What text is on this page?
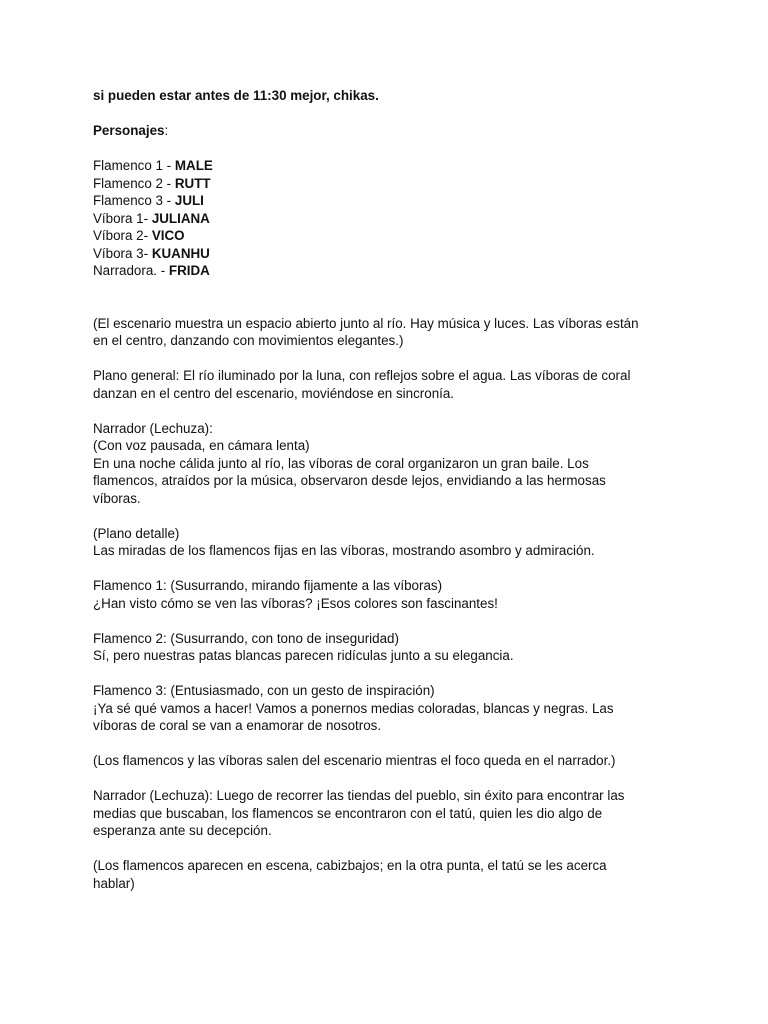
si pueden estar antes de 11:30 mejor, chikas.

Personajes:

Flamenco 1 - MALE

Flamenco 2 - RUTT

Flamenco 3 - JULI

Víbora 1- JULIANA

Víbora 2- VICO

Víbora 3- KUANHU

Narradora. - FRIDA

(El escenario muestra un espacio abierto junto al río. Hay música y luces. Las víboras están

en el centro, danzando con movimientos elegantes.)

Plano general: El río iluminado por la luna, con reflejos sobre el agua. Las víboras de coral

danzan en el centro del escenario, moviéndose en sincronía.

Narrador (Lechuza):

(Con voz pausada, en cámara lenta)

En una noche cálida junto al río, las víboras de coral organizaron un gran baile. Los

flamencos, atraídos por la música, observaron desde lejos, envidiando a las hermosas

víboras.

(Plano detalle)

Las miradas de los flamencos fijas en las víboras, mostrando asombro y admiración.

Flamenco 1: (Susurrando, mirando fijamente a las víboras)

¿Han visto cómo se ven las víboras? ¡Esos colores son fascinantes!

Flamenco 2: (Susurrando, con tono de inseguridad)

Sí, pero nuestras patas blancas parecen ridículas junto a su elegancia.

Flamenco 3: (Entusiasmado, con un gesto de inspiración)

¡Ya sé qué vamos a hacer! Vamos a ponernos medias coloradas, blancas y negras. Las

víboras de coral se van a enamorar de nosotros.

(Los flamencos y las víboras salen del escenario mientras el foco queda en el narrador.)

Narrador (Lechuza): Luego de recorrer las tiendas del pueblo, sin éxito para encontrar las

medias que buscaban, los flamencos se encontraron con el tatú, quien les dio algo de

esperanza ante su decepción.

(Los flamencos aparecen en escena, cabizbajos; en la otra punta, el tatú se les acerca

hablar)
